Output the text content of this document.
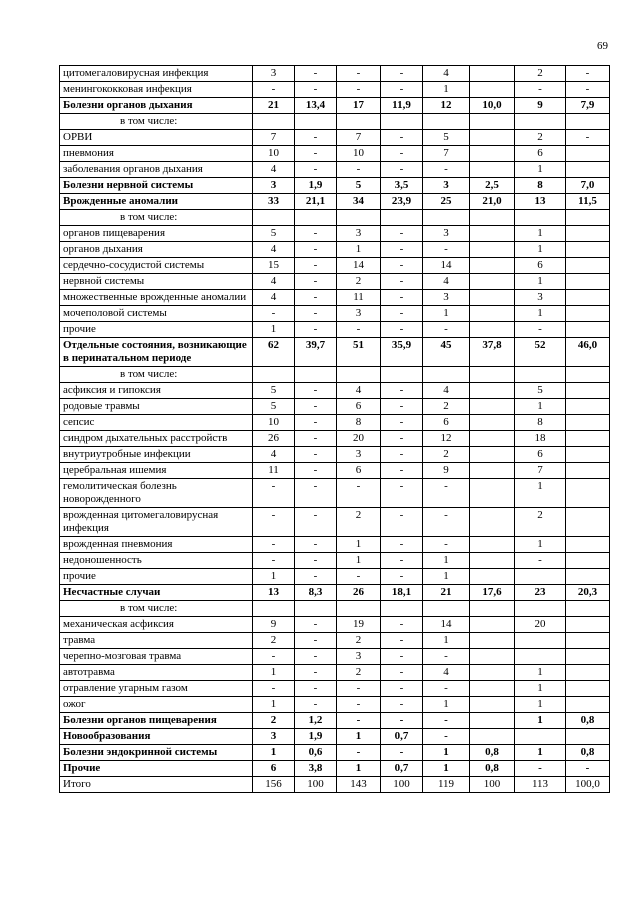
69
цитомегаловирусная инфекция	3	-	-	-	4		2	-
менингококковая инфекция	-	-	-	-	1		-	-
Болезни органов дыхания	21	13,4	17	11,9	12	10,0	9	7,9
в том числе:								
ОРВИ	7	-	7	-	5		2	-
пневмония	10	-	10	-	7		6	
заболевания органов дыхания	4	-	-	-	-		1	
Болезни нервной системы	3	1,9	5	3,5	3	2,5	8	7,0
Врожденные аномалии	33	21,1	34	23,9	25	21,0	13	11,5
в том числе:								
органов пищеварения	5	-	3	-	3		1	
органов дыхания	4	-	1	-	-		1	
сердечно-сосудистой системы	15	-	14	-	14		6	
нервной системы	4	-	2	-	4		1	
множественные врожденные аномалии	4	-	11	-	3		3	
мочеполовой системы	-	-	3	-	1		1	
прочие	1	-	-	-	-		-	
Отдельные состояния, возникающие в перинатальном периоде	62	39,7	51	35,9	45	37,8	52	46,0
в том числе:								
асфиксия и гипоксия	5	-	4	-	4		5	
родовые травмы	5	-	6	-	2		1	
сепсис	10	-	8	-	6		8	
синдром дыхательных расстройств	26	-	20	-	12		18	
внутриутробные инфекции	4	-	3	-	2		6	
церебральная ишемия	11	-	6	-	9		7	
гемолитическая болезнь новорожденного	-	-	-	-	-		1	
врожденная цитомегаловирусная инфекция	-	-	2	-	-		2	
врожденная пневмония	-	-	1	-	-		1	
недоношенность	-	-	1	-	1		-	
прочие	1	-	-	-	1			
Несчастные случаи	13	8,3	26	18,1	21	17,6	23	20,3
в том числе:								
механическая асфиксия	9	-	19	-	14		20	
травма	2	-	2	-	1			
черепно-мозговая травма	-	-	3	-	-			
автотравма	1	-	2	-	4		1	
отравление угарным газом	-	-	-	-	-		1	
ожог	1	-	-	-	1		1	
Болезни органов пищеварения	2	1,2	-	-	-		1	0,8
Новообразования	3	1,9	1	0,7	-			
Болезни эндокринной системы	1	0,6	-	-	1	0,8	1	0,8
Прочие	6	3,8	1	0,7	1	0,8	-	-
Итого	156	100	143	100	119	100	113	100,0
